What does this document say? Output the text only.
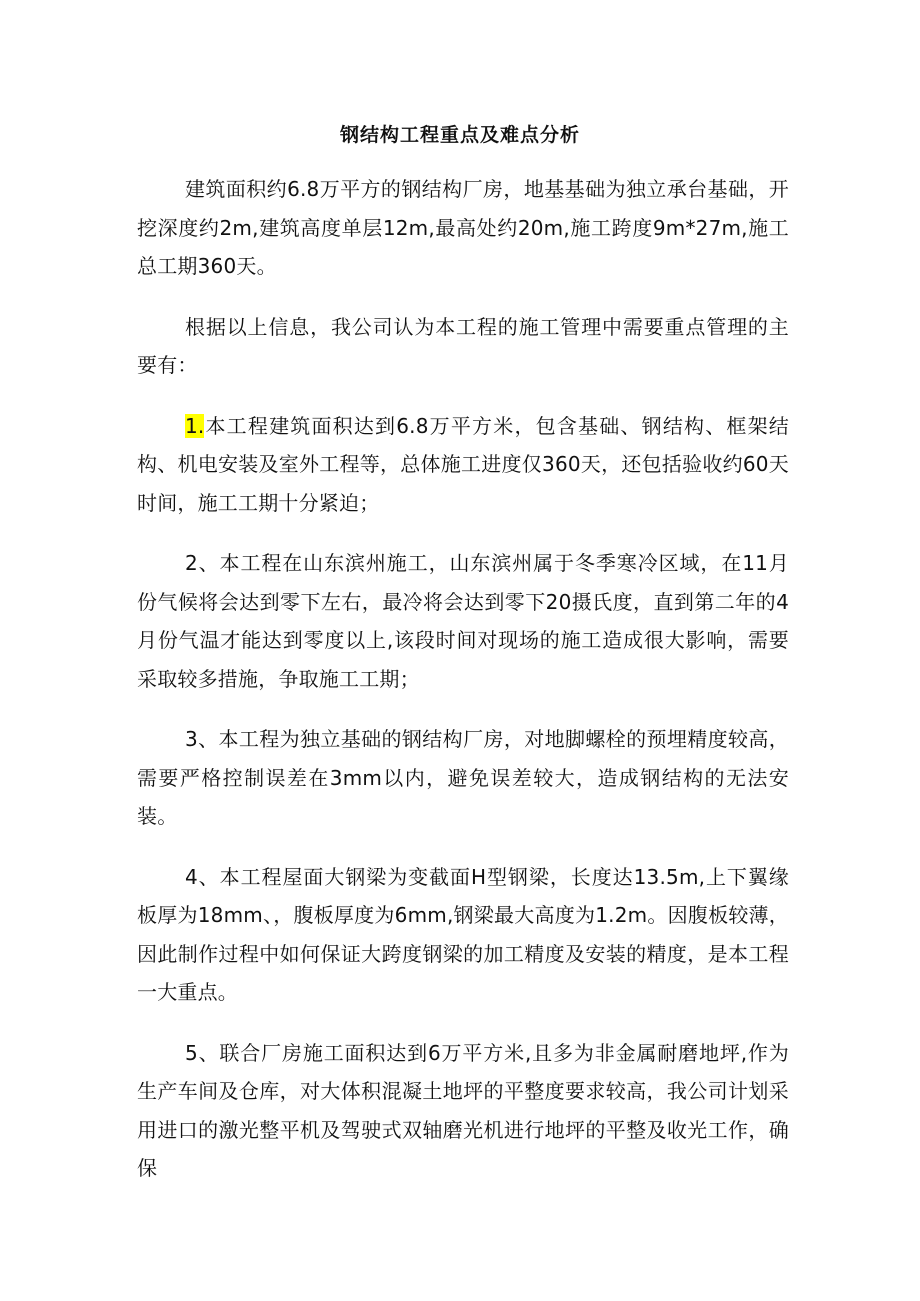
钢结构工程重点及难点分析

建筑面积约6.8万平方的钢结构厂房，地基基础为独立承台基础，开挖深度约2m,建筑高度单层12m,最高处约20m,施工跨度9m*27m,施工总工期360天。

根据以上信息，我公司认为本工程的施工管理中需要重点管理的主要有：

1.本工程建筑面积达到6.8万平方米，包含基础、钢结构、框架结构、机电安装及室外工程等，总体施工进度仅360天，还包括验收约60天时间，施工工期十分紧迫；

2、本工程在山东滨州施工，山东滨州属于冬季寒冷区域，在11月份气候将会达到零下左右，最冷将会达到零下20摄氏度，直到第二年的4月份气温才能达到零度以上,该段时间对现场的施工造成很大影响，需要采取较多措施，争取施工工期；

3、本工程为独立基础的钢结构厂房，对地脚螺栓的预埋精度较高，需要严格控制误差在3mm以内，避免误差较大，造成钢结构的无法安装。

4、本工程屋面大钢梁为变截面H型钢梁，长度达13.5m,上下翼缘板厚为18mm、，腹板厚度为6mm,钢梁最大高度为1.2m。因腹板较薄，因此制作过程中如何保证大跨度钢梁的加工精度及安装的精度，是本工程一大重点。

5、联合厂房施工面积达到6万平方米,且多为非金属耐磨地坪,作为生产车间及仓库，对大体积混凝土地坪的平整度要求较高，我公司计划采用进口的激光整平机及驾驶式双轴磨光机进行地坪的平整及收光工作，确保
